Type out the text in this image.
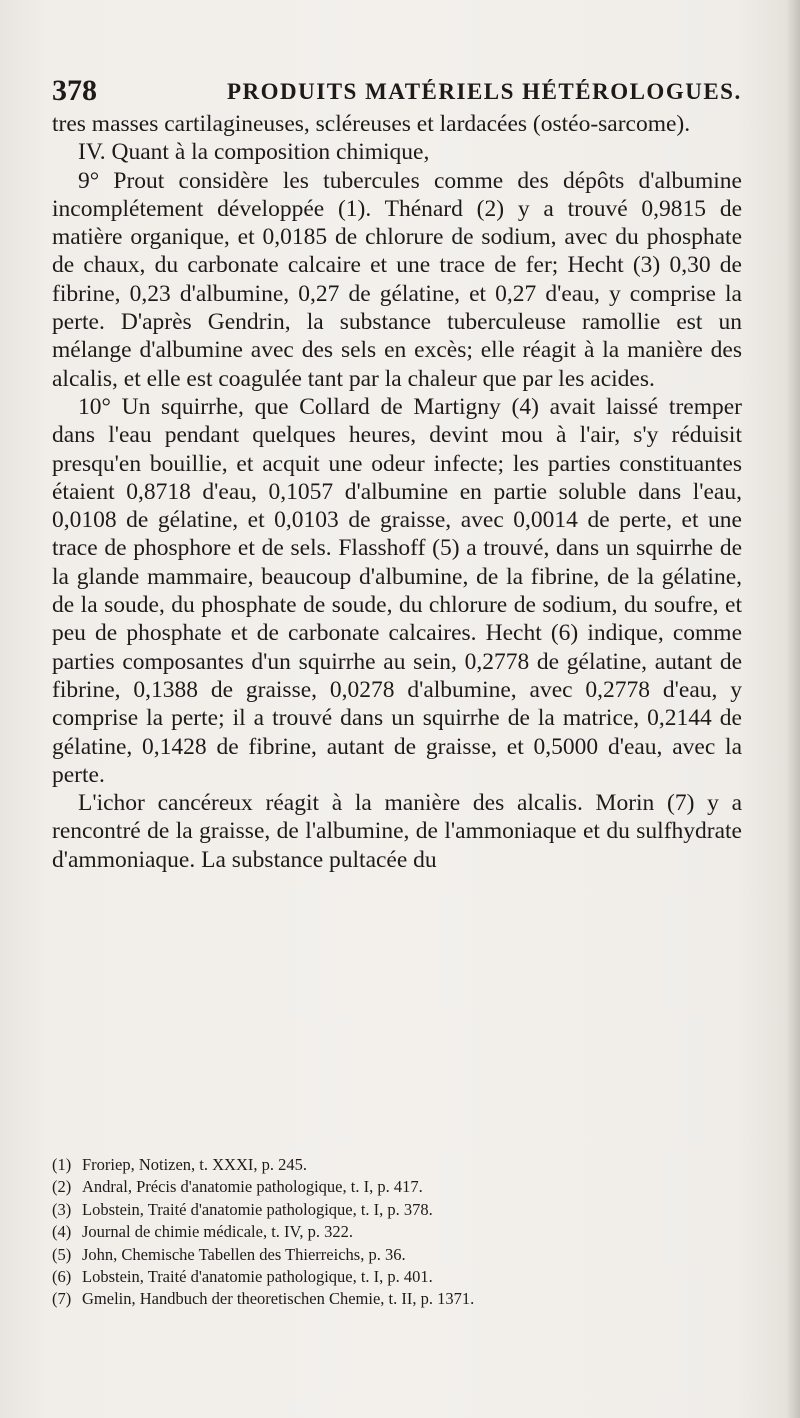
378	PRODUITS MATÉRIELS HÉTÉROLOGUES.

tres masses cartilagineuses, scléreuses et lardacées (ostéo-sarcome).

IV. Quant à la composition chimique,

9° Prout considère les tubercules comme des dépôts d'albumine incomplétement développée (1). Thénard (2) y a trouvé 0,9815 de matière organique, et 0,0185 de chlorure de sodium, avec du phosphate de chaux, du carbonate calcaire et une trace de fer; Hecht (3) 0,30 de fibrine, 0,23 d'albumine, 0,27 de gélatine, et 0,27 d'eau, y comprise la perte. D'après Gendrin, la substance tuberculeuse ramollie est un mélange d'albumine avec des sels en excès; elle réagit à la manière des alcalis, et elle est coagulée tant par la chaleur que par les acides.

10° Un squirrhe, que Collard de Martigny (4) avait laissé tremper dans l'eau pendant quelques heures, devint mou à l'air, s'y réduisit presqu'en bouillie, et acquit une odeur infecte; les parties constituantes étaient 0,8718 d'eau, 0,1057 d'albumine en partie soluble dans l'eau, 0,0108 de gélatine, et 0,0103 de graisse, avec 0,0014 de perte, et une trace de phosphore et de sels. Flasshoff (5) a trouvé, dans un squirrhe de la glande mammaire, beaucoup d'albumine, de la fibrine, de la gélatine, de la soude, du phosphate de soude, du chlorure de sodium, du soufre, et peu de phosphate et de carbonate calcaires. Hecht (6) indique, comme parties composantes d'un squirrhe au sein, 0,2778 de gélatine, autant de fibrine, 0,1388 de graisse, 0,0278 d'albumine, avec 0,2778 d'eau, y comprise la perte; il a trouvé dans un squirrhe de la matrice, 0,2144 de gélatine, 0,1428 de fibrine, autant de graisse, et 0,5000 d'eau, avec la perte.

L'ichor cancéreux réagit à la manière des alcalis. Morin (7) y a rencontré de la graisse, de l'albumine, de l'ammoniaque et du sulfhydrate d'ammoniaque. La substance pultacée du

(1) Froriep, Notizen, t. XXXI, p. 245.
(2) Andral, Précis d'anatomie pathologique, t. I, p. 417.
(3) Lobstein, Traité d'anatomie pathologique, t. I, p. 378.
(4) Journal de chimie médicale, t. IV, p. 322.
(5) John, Chemische Tabellen des Thierreichs, p. 36.
(6) Lobstein, Traité d'anatomie pathologique, t. I, p. 401.
(7) Gmelin, Handbuch der theoretischen Chemie, t. II, p. 1371.
